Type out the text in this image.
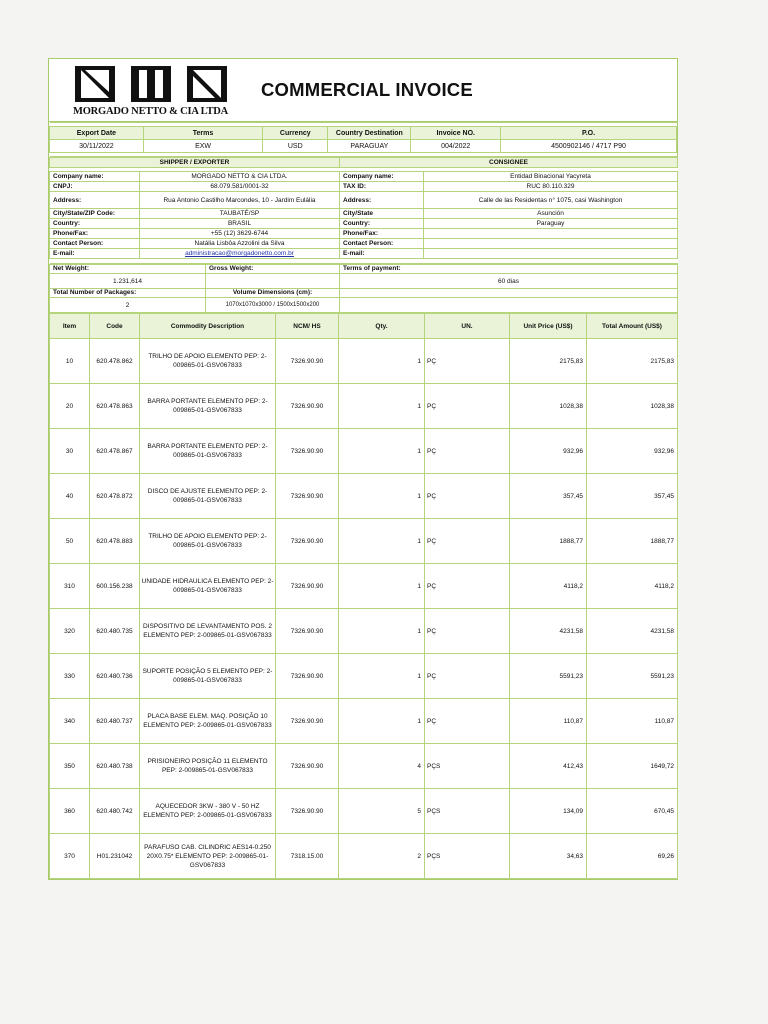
MORGADO NETTO & CIA LTDA
COMMERCIAL INVOICE

Export Date	Terms	Currency	Country Destination	Invoice NO.	P.O.
30/11/2022	EXW	USD	PARAGUAY	004/2022	4500902146 / 4717 P90

SHIPPER / EXPORTER		CONSIGNEE	

Company name:	MORGADO NETTO & CIA LTDA.	Company name:	Entidad Binacional Yacyreta
CNPJ:	68.079.581/0001-32	TAX ID:	RUC 80.110.329
Address:	Rua Antonio Castilho Marcondes, 10 - Jardim Eulália	Address:	Calle de las Residentas n° 1075, casi Washington
City/State/ZIP Code:	TAUBATÉ/SP	City/State	Asunción
Country:	BRASIL	Country:	Paraguay
Phone/Fax:	+55 (12) 3629-6744	Phone/Fax:	
Contact Person:	Natália Lisbôa Azzolini da Silva	Contact Person:	
E-mail:	administracao@morgadonetto.com.br	E-mail:	

Net Weight:	Gross Weight:	Terms of payment:
1.231,614		60 dias
Total Number of Packages:	Volume Dimensions (cm):	
2	1070x1070x3000 / 1500x1500x200	
Item	Code	Commodity Description	NCM/ HS	Qty.	UN.	Unit Price (US$)	Total Amount (US$)
10	620.478.862	TRILHO DE APOIO ELEMENTO PEP: 2-009865-01-GSV067833	7326.90.90	1	PÇ	2175,83	2175,83
20	620.478.863	BARRA PORTANTE ELEMENTO PEP: 2-009865-01-GSV067833	7326.90.90	1	PÇ	1028,38	1028,38
30	620.478.867	BARRA PORTANTE ELEMENTO PEP: 2-009865-01-GSV067833	7326.90.90	1	PÇ	932,96	932,96
40	620.478.872	DISCO DE AJUSTE ELEMENTO PEP: 2-009865-01-GSV067833	7326.90.90	1	PÇ	357,45	357,45
50	620.478.883	TRILHO DE APOIO ELEMENTO PEP: 2-009865-01-GSV067833	7326.90.90	1	PÇ	1888,77	1888,77
310	600.156.238	UNIDADE HIDRAULICA ELEMENTO PEP: 2-009865-01-GSV067833	7326.90.90	1	PÇ	4118,2	4118,2
320	620.480.735	DISPOSITIVO DE LEVANTAMENTO POS. 2 ELEMENTO PEP: 2-009865-01-GSV067833	7326.90.90	1	PÇ	4231,58	4231,58
330	620.480.736	SUPORTE POSIÇÃO 5 ELEMENTO PEP: 2-009865-01-GSV067833	7326.90.90	1	PÇ	5591,23	5591,23
340	620.480.737	PLACA BASE ELEM. MAQ. POSIÇÃO 10 ELEMENTO PEP: 2-009865-01-GSV067833	7326.90.90	1	PÇ	110,87	110,87
350	620.480.738	PRISIONEIRO POSIÇÃO 11 ELEMENTO PEP: 2-009865-01-GSV067833	7326.90.90	4	PÇS	412,43	1649,72
360	620.480.742	AQUECEDOR 3KW - 380 V - 50 HZ ELEMENTO PEP: 2-009865-01-GSV067833	7326.90.90	5	PÇS	134,09	670,45
370	H01.231042	PARAFUSO CAB. CILINDRIC AES14-0.250 20X0.75* ELEMENTO PEP: 2-009865-01-GSV067833	7318.15.00	2	PÇS	34,63	69,26
